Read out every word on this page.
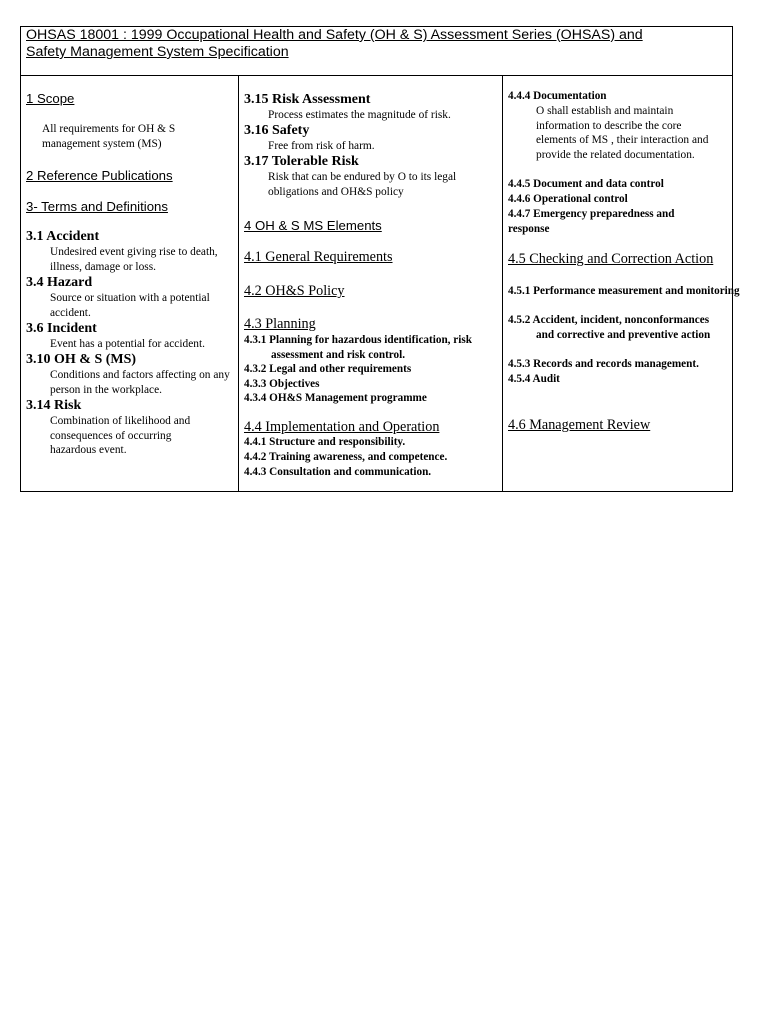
OHSAS 18001 : 1999 Occupational Health and Safety (OH & S) Assessment Series (OHSAS) and
Safety Management System Specification
1 Scope
All requirements for OH & S management system (MS)
2 Reference Publications
3- Terms and Definitions
3.1 Accident
Undesired event giving rise to death, illness, damage or loss.
3.4 Hazard
Source or situation with a potential accident.
3.6 Incident
Event has a potential for accident.
3.10 OH & S (MS)
Conditions and factors affecting on any person in the workplace.
3.14 Risk
Combination of likelihood and consequences of occurring hazardous event.
3.15 Risk Assessment
Process estimates the magnitude of risk.
3.16 Safety
Free from risk of harm.
3.17 Tolerable Risk
Risk that can be endured by O to its legal obligations and OH&S policy
4 OH & S MS Elements
4.1 General Requirements
4.2 OH&S Policy
4.3 Planning
4.3.1 Planning for hazardous identification, risk assessment and risk control.
4.3.2 Legal and other requirements
4.3.3 Objectives
4.3.4 OH&S Management programme
4.4 Implementation and Operation
4.4.1 Structure and responsibility.
4.4.2 Training awareness, and competence.
4.4.3 Consultation and communication.
4.4.4 Documentation
O shall establish and maintain information to describe the core elements of MS , their interaction and provide the related documentation.
4.4.5 Document and data control
4.4.6 Operational control
4.4.7 Emergency preparedness and response
4.5 Checking and Correction Action
4.5.1 Performance measurement and monitoring
4.5.2 Accident, incident, nonconformances and corrective and preventive action
4.5.3 Records and records management.
4.5.4 Audit
4.6 Management Review
